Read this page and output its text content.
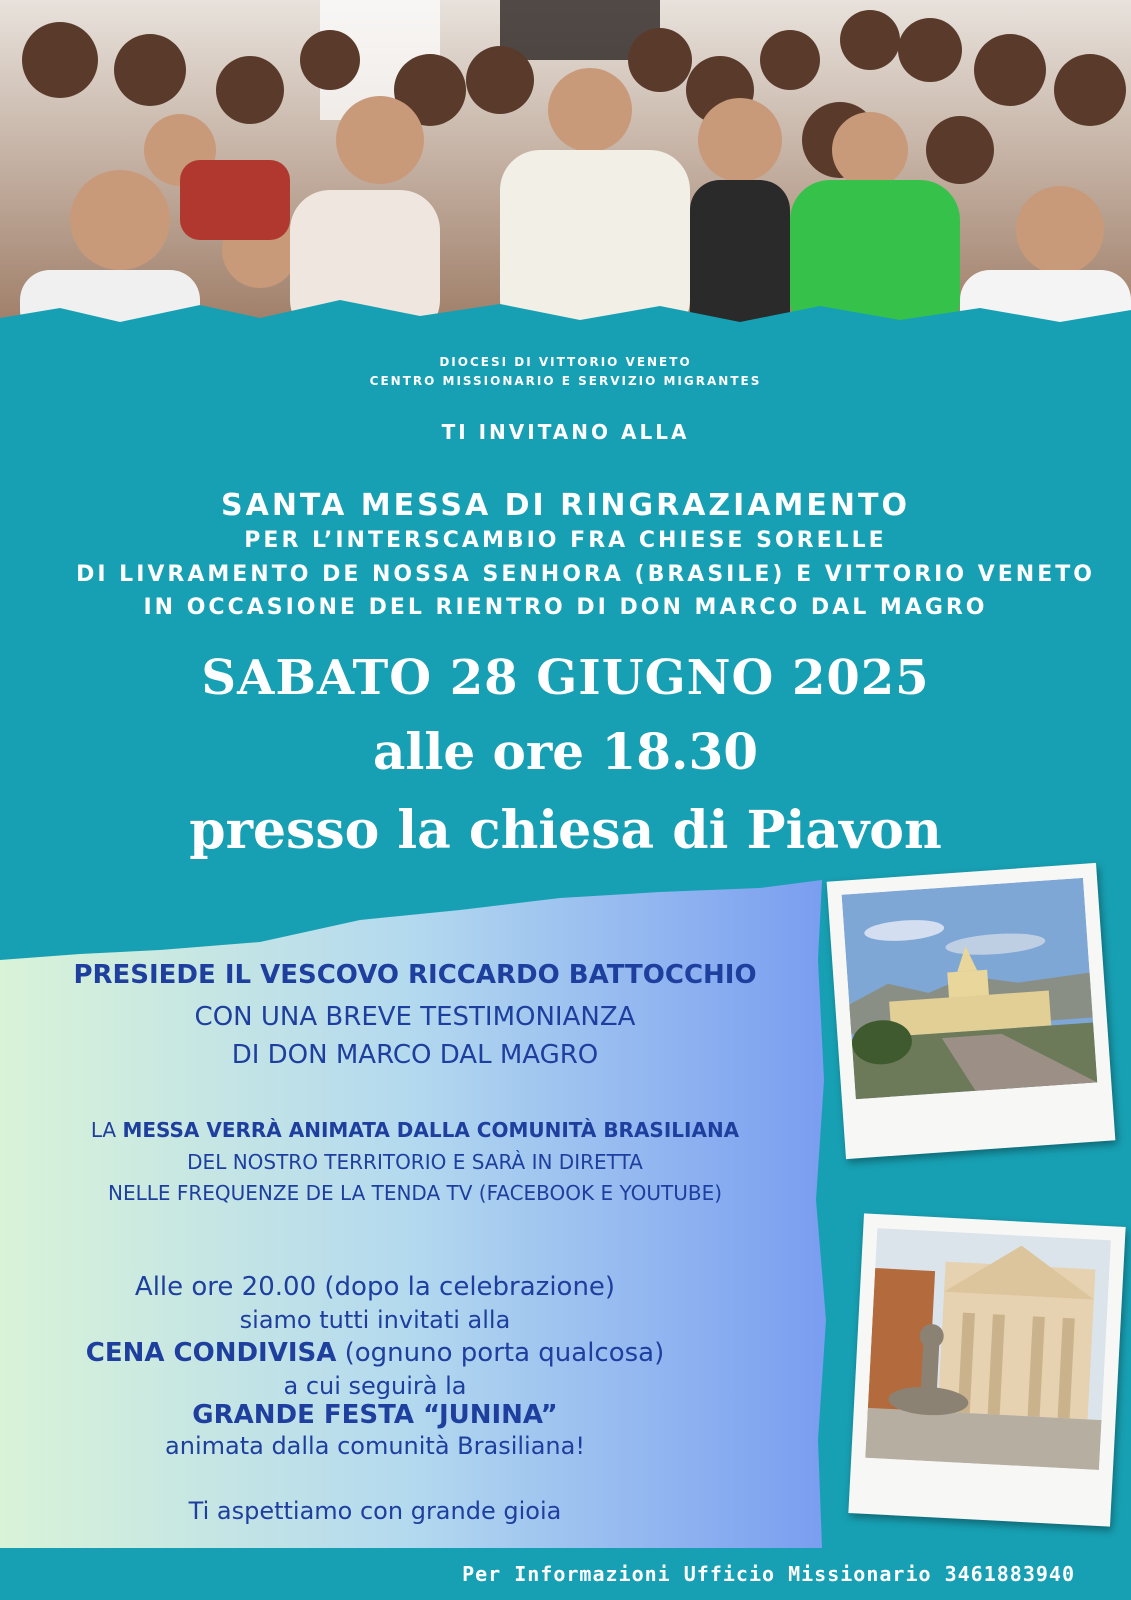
DIOCESI DI VITTORIO VENETO
CENTRO MISSIONARIO E SERVIZIO MIGRANTES
TI INVITANO ALLA
SANTA MESSA DI RINGRAZIAMENTO
PER L’INTERSCAMBIO FRA CHIESE SORELLE
DI LIVRAMENTO DE NOSSA SENHORA (BRASILE) E VITTORIO VENETO
IN OCCASIONE DEL RIENTRO DI DON MARCO DAL MAGRO
SABATO 28 GIUGNO 2025
alle ore 18.30
presso la chiesa di Piavon
PRESIEDE IL VESCOVO RICCARDO BATTOCCHIO
CON UNA BREVE TESTIMONIANZA
DI DON MARCO DAL MAGRO
LA MESSA VERRÀ ANIMATA DALLA COMUNITÀ BRASILIANA
DEL NOSTRO TERRITORIO E SARÀ IN DIRETTA
NELLE FREQUENZE DE LA TENDA TV (FACEBOOK E YOUTUBE)
Alle ore 20.00 (dopo la celebrazione)
siamo tutti invitati alla
CENA CONDIVISA (ognuno porta qualcosa)
a cui seguirà la
GRANDE FESTA “JUNINA”
animata dalla comunità Brasiliana!
Ti aspettiamo con grande gioia
Per Informazioni Ufficio Missionario 3461883940
